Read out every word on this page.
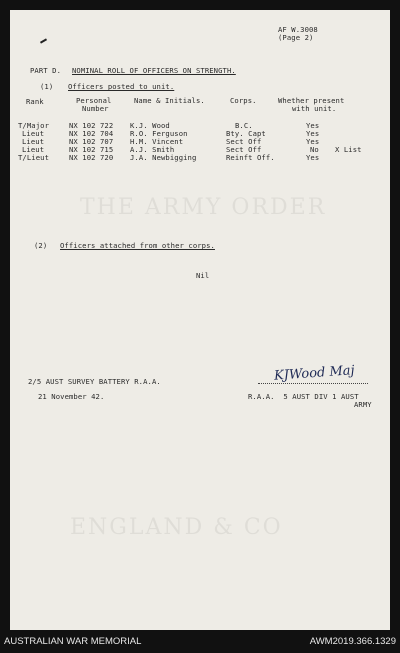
THE ARMY ORDER
ENGLAND & CO
AF W.3008
(Page 2)
PART D. NOMINAL ROLL OF OFFICERS ON STRENGTH.
(1) Officers posted to unit.
Rank	Personal
Number
Name & Initials.	Corps.	Whether present
with unit.
T/Major	NX 102 722 K.J. Wood	B.C.	Yes
Lieut	NX 102 704 R.O. Ferguson	Bty. Capt	Yes
Lieut	NX 102 707 H.M. Vincent	Sect Off	Yes
Lieut	NX 102 715 A.J. Smith	Sect Off	No X List
T/Lieut	NX 102 720 J.A. Newbigging	Reinft Off.	Yes
(2) Officers attached from other corps.
Nil
2/5 AUST SURVEY BATTERY R.A.A.
21 November 42.
KJWood Maj
R.A.A.  5 AUST DIV 1 AUST
ARMY
AUSTRALIAN WAR MEMORIAL	AWM2019.366.1329
